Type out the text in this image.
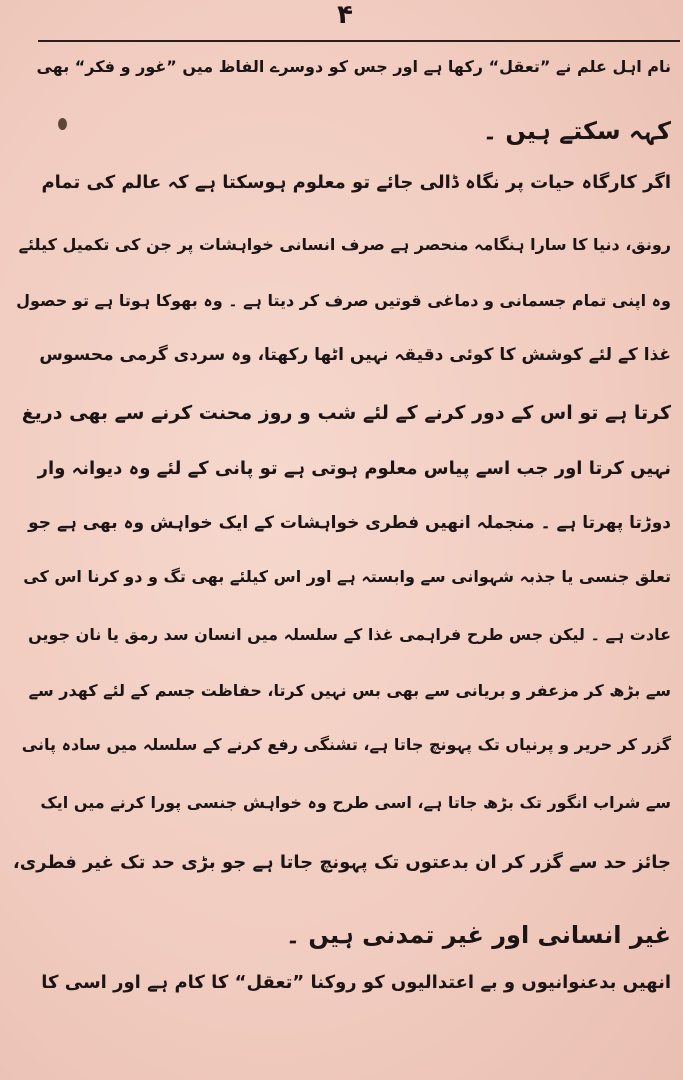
۴
نام اہل علم نے ”تعقل“ رکھا ہے اور جس کو دوسرے الفاظ میں ”غور و فکر“ بھی
کہہ سکتے ہیں ۔
اگر کارگاہ حیات پر نگاہ ڈالی جائے تو معلوم ہوسکتا ہے کہ عالم کی تمام
رونق، دنیا کا سارا ہنگامہ منحصر ہے صرف انسانی خواہشات پر جن کی تکمیل کیلئے
وہ اپنی تمام جسمانی و دماغی قوتیں صرف کر دیتا ہے ۔ وہ بھوکا ہوتا ہے تو حصول
غذا کے لئے کوشش کا کوئی دقیقہ نہیں اٹھا رکھتا، وہ سردی گرمی محسوس
کرتا ہے تو اس کے دور کرنے کے لئے شب و روز محنت کرنے سے بھی دریغ
نہیں کرتا اور جب اسے پیاس معلوم ہوتی ہے تو پانی کے لئے وہ دیوانہ وار
دوڑتا پھرتا ہے ۔ منجملہ انھیں فطری خواہشات کے ایک خواہش وہ بھی ہے جو
تعلق جنسی یا جذبہ شہوانی سے وابستہ ہے اور اس کیلئے بھی تگ و دو کرنا اس کی
عادت ہے ۔ لیکن جس طرح فراہمی غذا کے سلسلہ میں انسان سد رمق یا نان جویں
سے بڑھ کر مزعفر و بریانی سے بھی بس نہیں کرتا، حفاظت جسم کے لئے کھدر سے
گزر کر حریر و پرنیاں تک پہونچ جاتا ہے، تشنگی رفع کرنے کے سلسلہ میں سادہ پانی
سے شراب انگور تک بڑھ جاتا ہے، اسی طرح وہ خواہش جنسی پورا کرنے میں ایک
جائز حد سے گزر کر ان بدعتوں تک پہونچ جاتا ہے جو بڑی حد تک غیر فطری،
غیر انسانی اور غیر تمدنی ہیں ۔
انھیں بدعنوانیوں و بے اعتدالیوں کو روکنا ”تعقل“ کا کام ہے اور اسی کا
